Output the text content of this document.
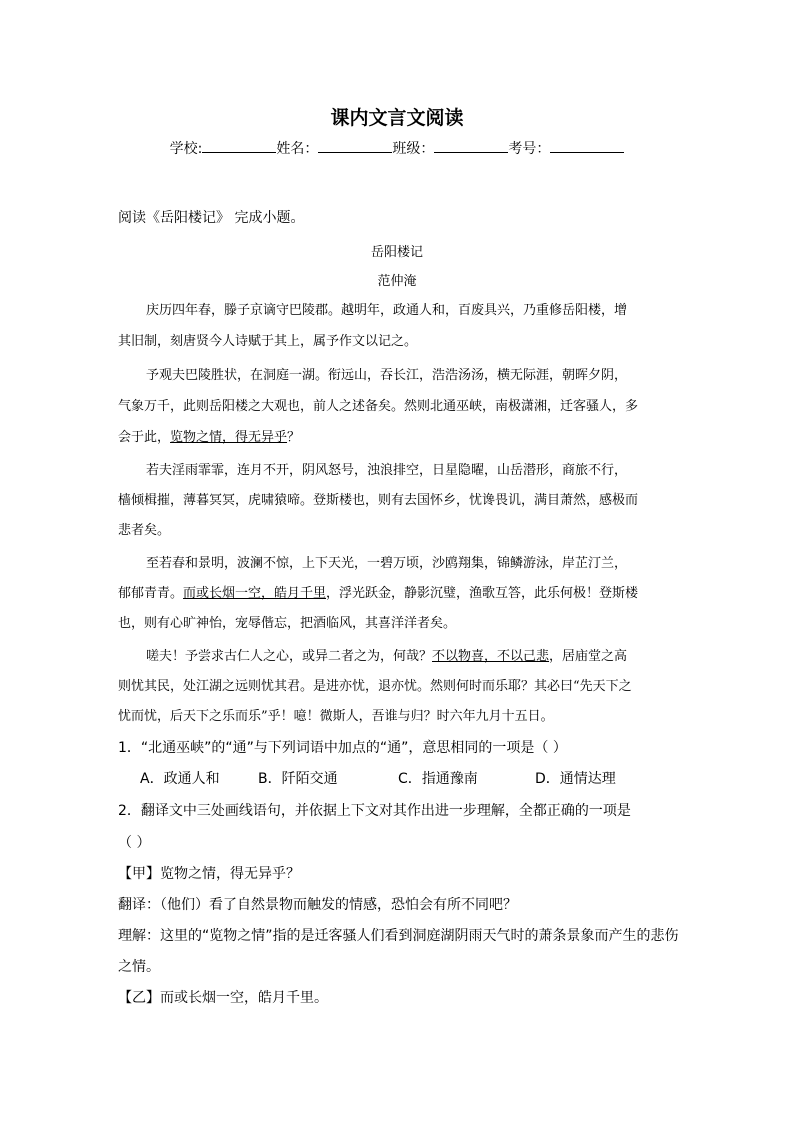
课内文言文阅读
学校:	姓名：	班级：	考号：
阅读《岳阳楼记》 完成小题。
岳阳楼记
范仲淹
庆历四年春，滕子京谪守巴陵郡。越明年，政通人和，百废具兴，乃重修岳阳楼，增
其旧制，刻唐贤今人诗赋于其上，属予作文以记之。
予观夫巴陵胜状，在洞庭一湖。衔远山，吞长江，浩浩汤汤，横无际涯，朝晖夕阴，
气象万千，此则岳阳楼之大观也，前人之述备矣。然则北通巫峡，南极潇湘，迁客骚人，多
会于此，览物之情，得无异乎？
若夫淫雨霏霏，连月不开，阴风怒号，浊浪排空，日星隐曜，山岳潜形，商旅不行，
樯倾楫摧，薄暮冥冥，虎啸猿啼。登斯楼也，则有去国怀乡，忧谗畏讥，满目萧然，感极而
悲者矣。
至若春和景明，波澜不惊，上下天光，一碧万顷，沙鸥翔集，锦鳞游泳，岸芷汀兰，
郁郁青青。而或长烟一空，皓月千里，浮光跃金，静影沉璧，渔歌互答，此乐何极！登斯楼
也，则有心旷神怡，宠辱偕忘，把酒临风，其喜洋洋者矣。
嗟夫！予尝求古仁人之心，或异二者之为，何哉？不以物喜，不以己悲，居庙堂之高
则忧其民，处江湖之远则忧其君。是进亦忧，退亦忧。然则何时而乐耶？其必曰“先天下之
忧而忧，后天下之乐而乐”乎！噫！微斯人，吾谁与归？时六年九月十五日。
1．“北通巫峡”的“通”与下列词语中加点的“通”，意思相同的一项是（ ）
A．政通人和	B．阡陌交通	C．指通豫南	D．通情达理
2．翻译文中三处画线语句，并依据上下文对其作出进一步理解，全都正确的一项是
（ ）
【甲】览物之情，得无异乎？
翻译：（他们）看了自然景物而触发的情感，恐怕会有所不同吧？
理解：这里的“览物之情”指的是迁客骚人们看到洞庭湖阴雨天气时的萧条景象而产生的悲伤
之情。
【乙】而或长烟一空，皓月千里。
